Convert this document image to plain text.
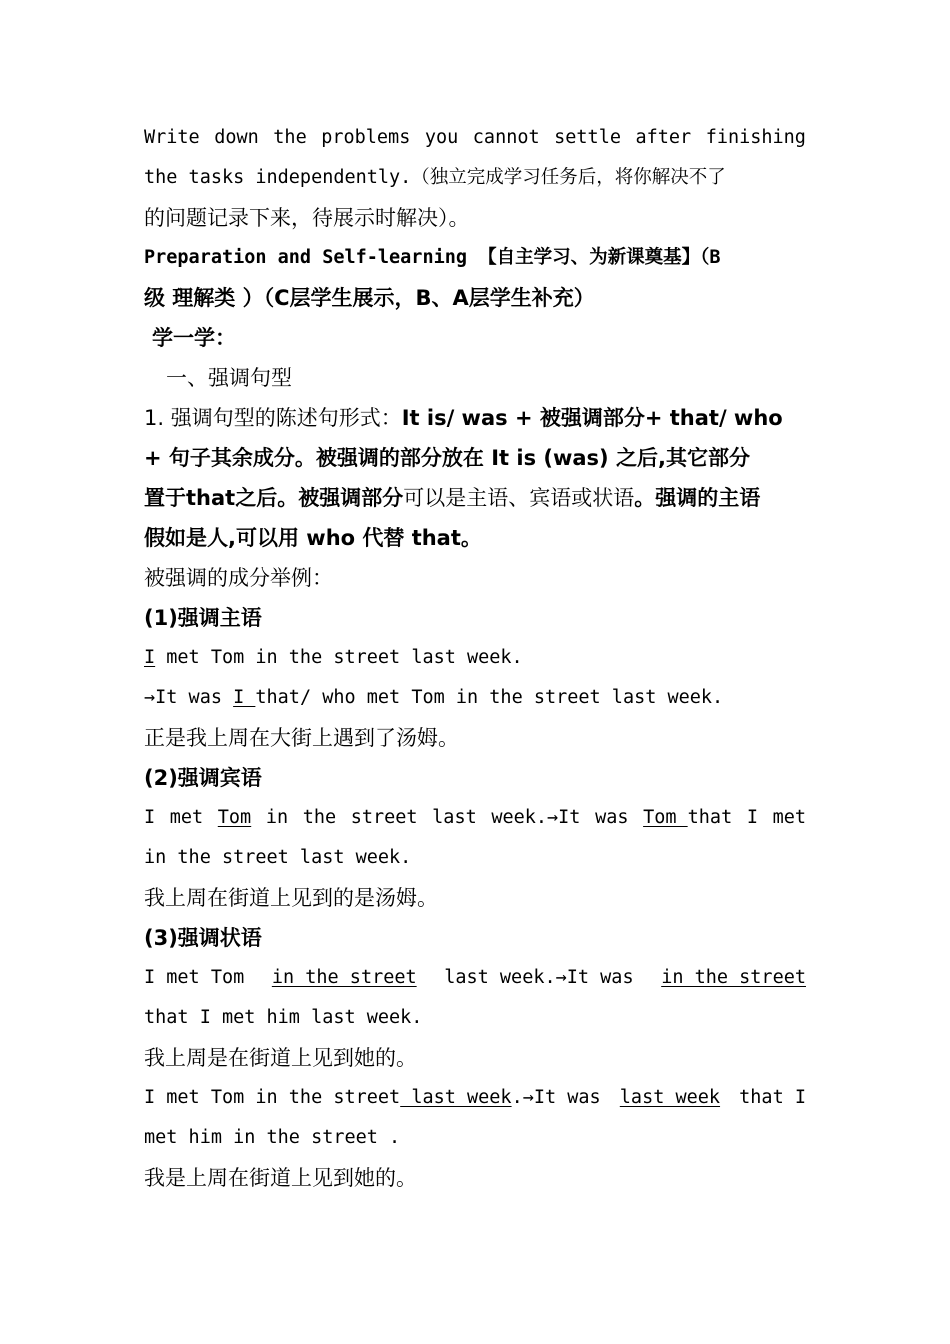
Write down the problems you cannot settle after finishing
the tasks independently.（独立完成学习任务后，将你解决不了
的问题记录下来，待展示时解决）。
Preparation and Self-learning 【自主学习、为新课奠基】（B
级 理解类 ）（C层学生展示，B、A层学生补充）
学一学：
一、强调句型
1. 强调句型的陈述句形式：It is/ was + 被强调部分+ that/ who
+ 句子其余成分。被强调的部分放在 It is (was) 之后,其它部分
置于that之后。被强调部分可以是主语、宾语或状语。强调的主语
假如是人,可以用 who 代替 that。
被强调的成分举例：
(1)强调主语
I met Tom in the street last week.
→It was I that/ who met Tom in the street last week.
正是我上周在大街上遇到了汤姆。
(2)强调宾语
I met Tom in the street last week.→It was Tom that I met
in the street last week.
我上周在街道上见到的是汤姆。
(3)强调状语
I met Tom in the street last week.→It was in the street
that I met him last week.
我上周是在街道上见到她的。
I met Tom in the street last week.→It was last week that I
met him in the street .
我是上周在街道上见到她的。
